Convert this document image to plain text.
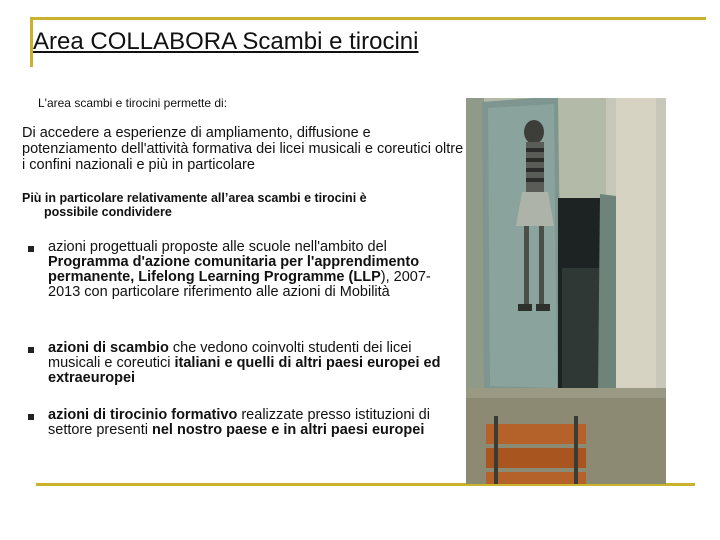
Area COLLABORA Scambi e tirocini
L'area scambi e tirocini permette di:
Di accedere a esperienze di ampliamento, diffusione e potenziamento dell'attività formativa dei licei musicali e coreutici oltre i confini nazionali e più in particolare
Più in particolare relativamente all’area scambi e tirocini è
possibile condividere
azioni progettuali proposte alle scuole nell'ambito del Programma d'azione comunitaria per l'apprendimento permanente, Lifelong Learning Programme (LLP), 2007-2013 con particolare riferimento alle azioni di Mobilità
azioni di scambio che vedono coinvolti studenti dei licei musicali e coreutici italiani e quelli di altri paesi europei ed extraeuropei
azioni di tirocinio formativo realizzate presso istituzioni di settore presenti nel nostro paese e in altri paesi europei
